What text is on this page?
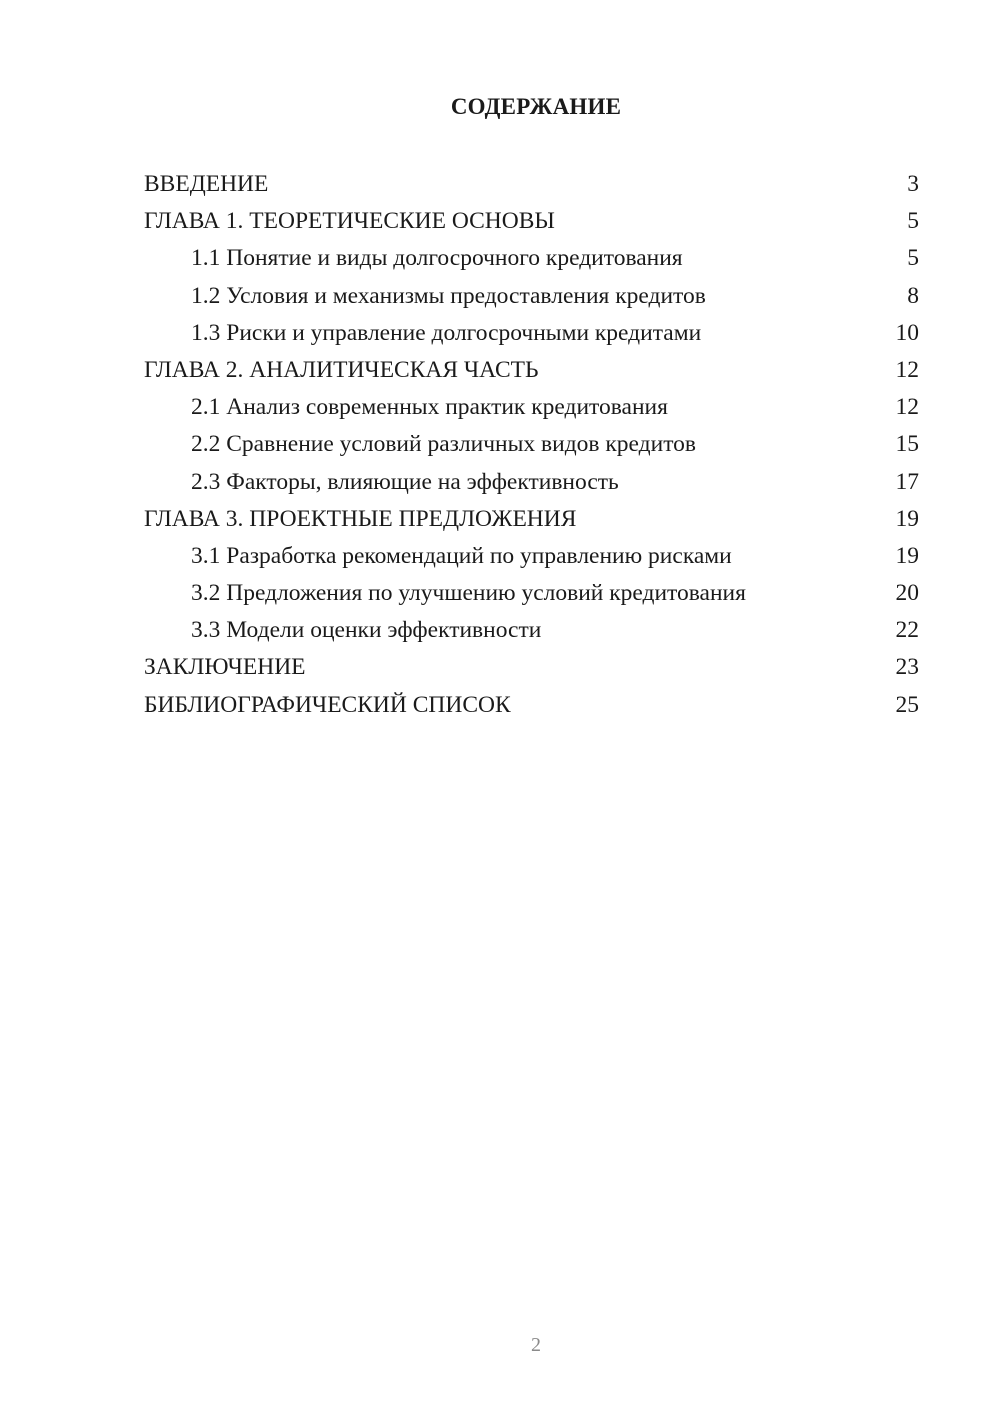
СОДЕРЖАНИЕ
ВВЕДЕНИЕ	3
ГЛАВА 1. ТЕОРЕТИЧЕСКИЕ ОСНОВЫ	5
1.1 Понятие и виды долгосрочного кредитования	5
1.2 Условия и механизмы предоставления кредитов	8
1.3 Риски и управление долгосрочными кредитами	10
ГЛАВА 2. АНАЛИТИЧЕСКАЯ ЧАСТЬ	12
2.1 Анализ современных практик кредитования	12
2.2 Сравнение условий различных видов кредитов	15
2.3 Факторы, влияющие на эффективность	17
ГЛАВА 3. ПРОЕКТНЫЕ ПРЕДЛОЖЕНИЯ	19
3.1 Разработка рекомендаций по управлению рисками	19
3.2 Предложения по улучшению условий кредитования	20
3.3 Модели оценки эффективности	22
ЗАКЛЮЧЕНИЕ	23
БИБЛИОГРАФИЧЕСКИЙ СПИСОК	25
2
